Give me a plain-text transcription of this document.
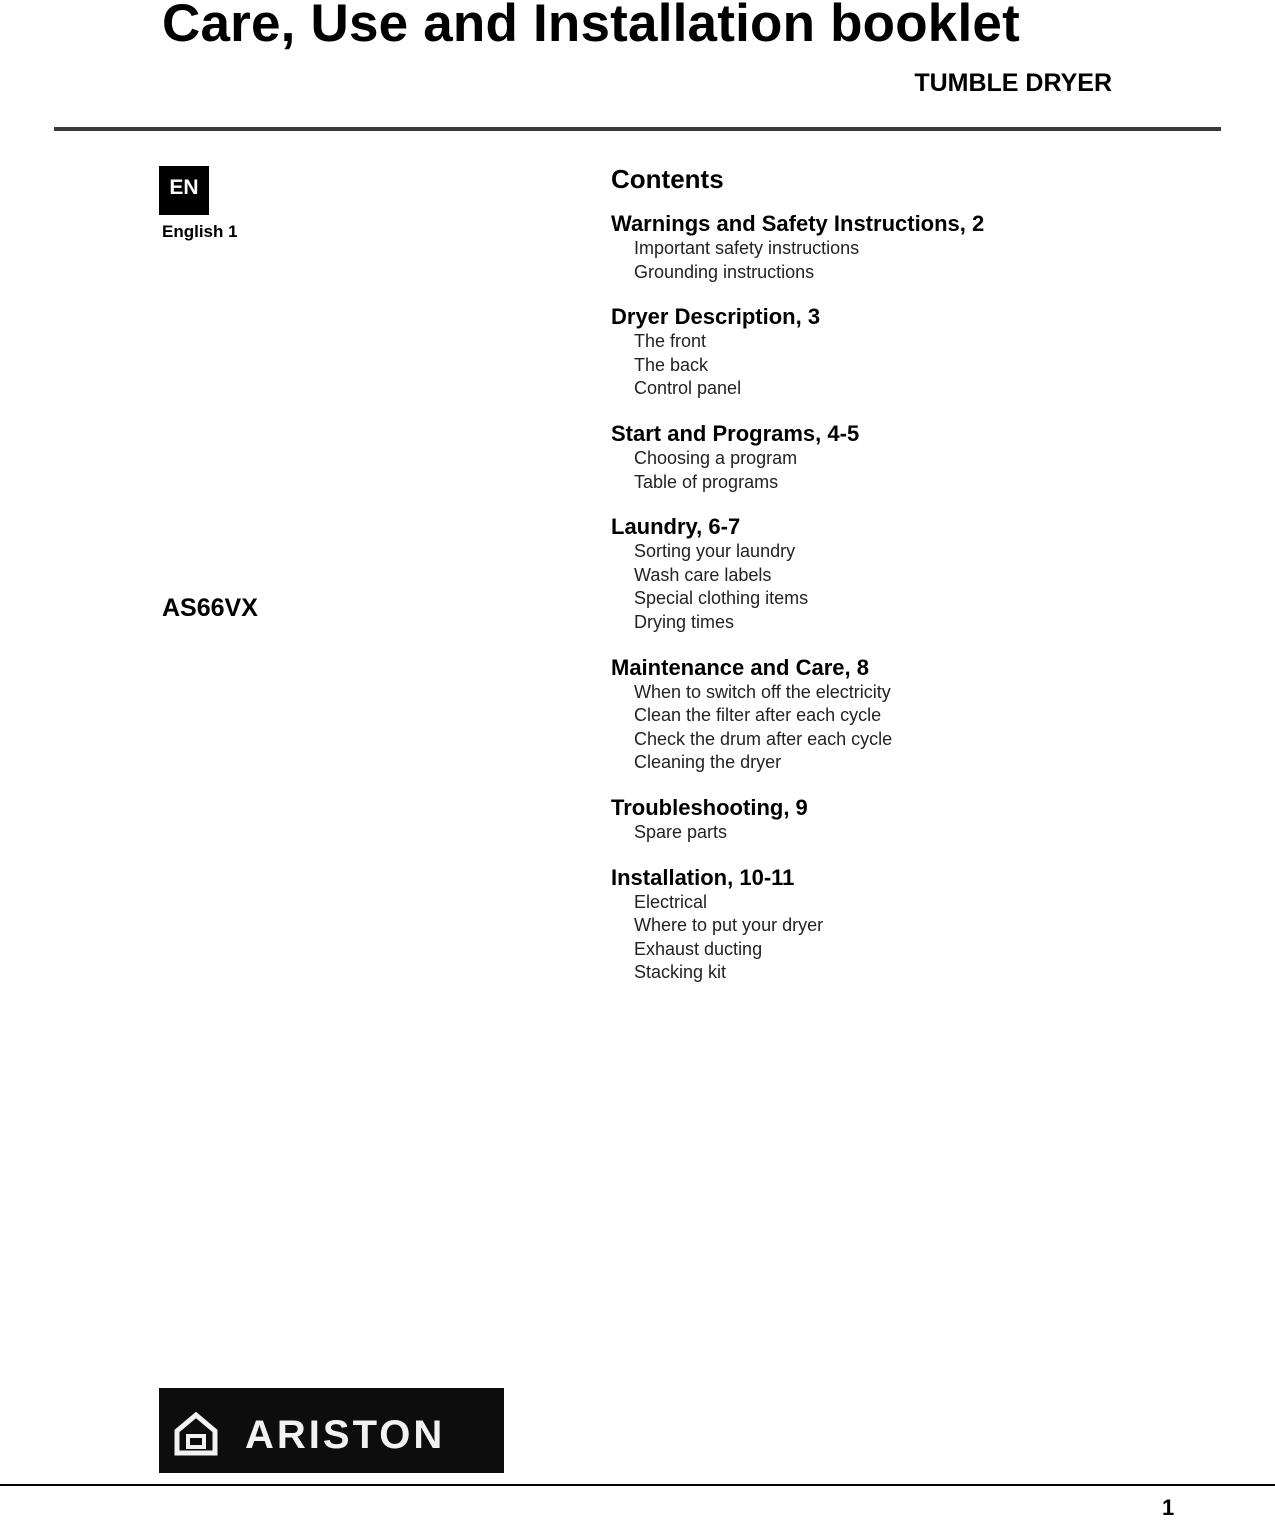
Care, Use and Installation booklet
TUMBLE DRYER
EN
English 1
AS66VX
Contents
Warnings and Safety Instructions, 2
Important safety instructions
Grounding instructions
Dryer Description, 3
The front
The back
Control panel
Start and Programs, 4-5
Choosing a program
Table of programs
Laundry, 6-7
Sorting your laundry
Wash care labels
Special clothing items
Drying times
Maintenance and Care, 8
When to switch off the electricity
Clean the filter after each cycle
Check the drum after each cycle
Cleaning the dryer
Troubleshooting, 9
Spare parts
Installation, 10-11
Electrical
Where to put your dryer
Exhaust ducting
Stacking kit
ARISTON
1
